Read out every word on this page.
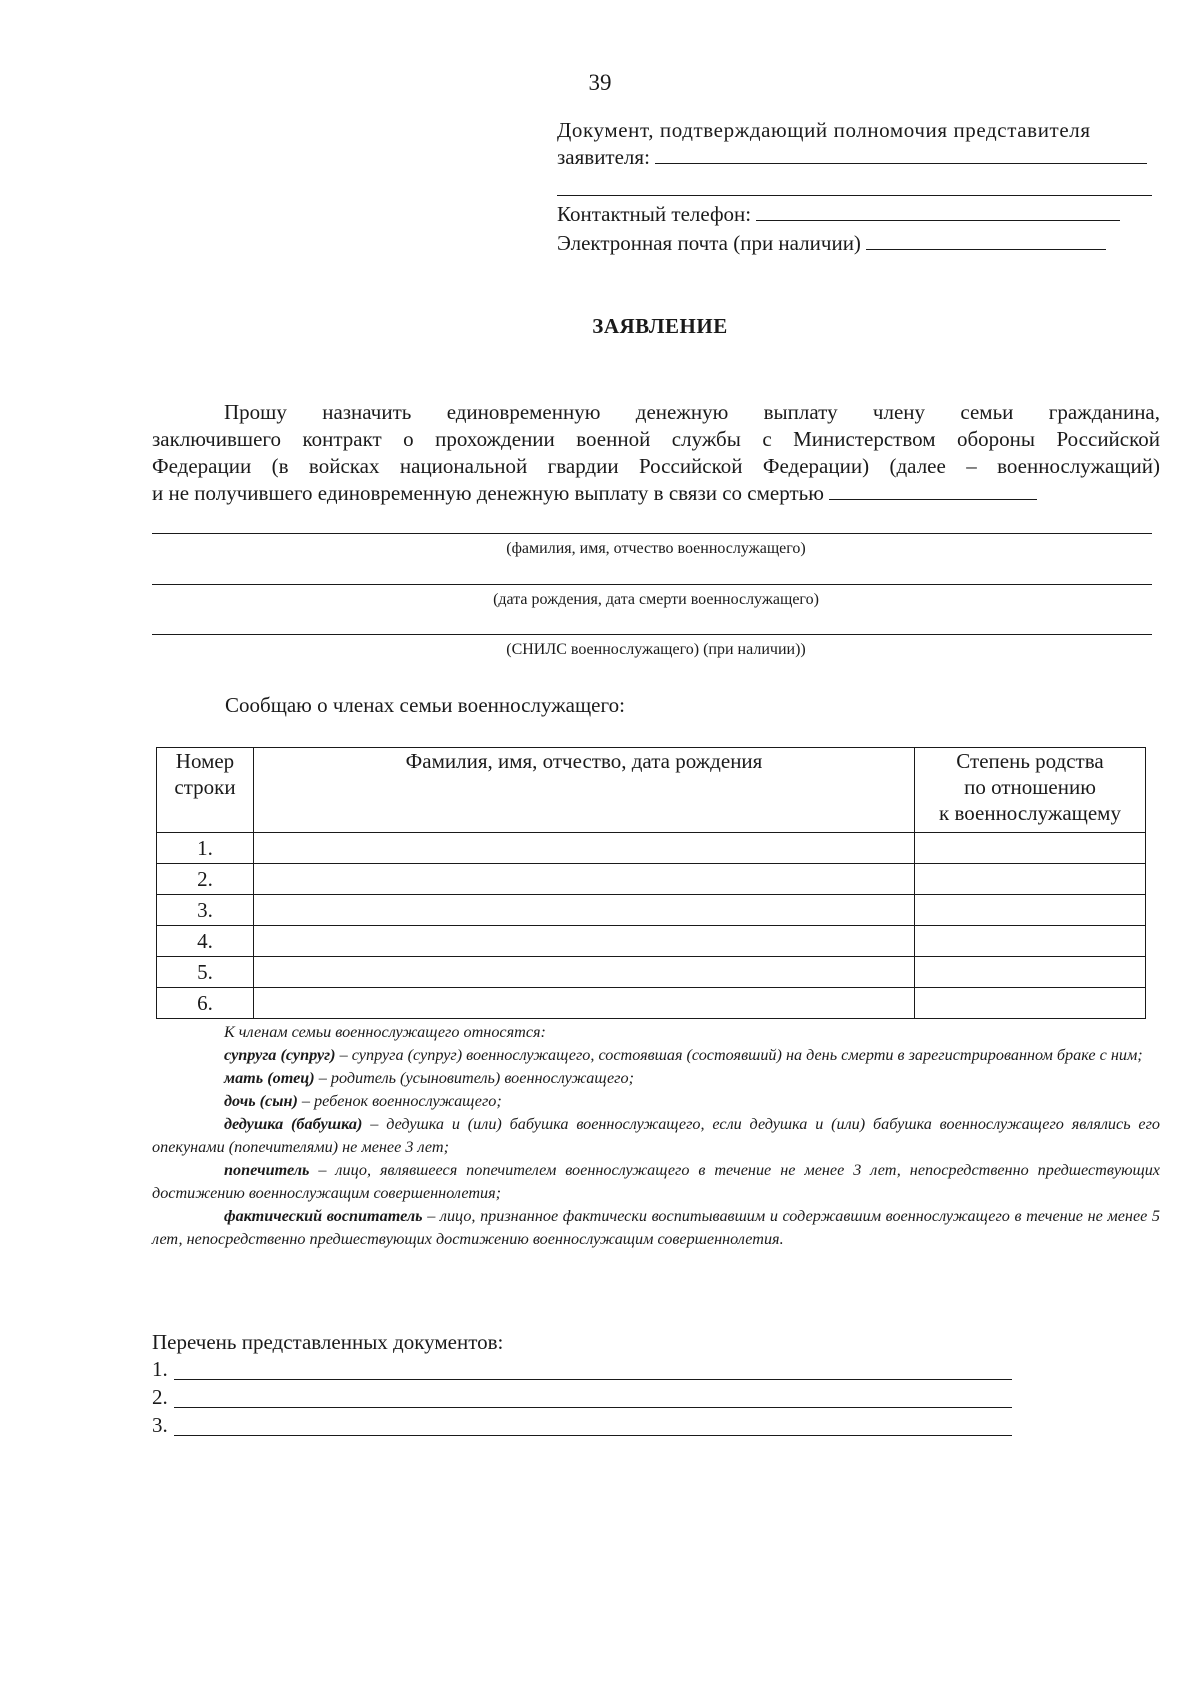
39
Документ, подтверждающий полномочия представителя
заявителя:
Контактный телефон:
Электронная почта (при наличии)
ЗАЯВЛЕНИЕ
Прошу назначить единовременную денежную выплату члену семьи гражданина,
заключившего контракт о прохождении военной службы с Министерством обороны Российской
Федерации (в войсках национальной гвардии Российской Федерации) (далее – военнослужащий)
и не получившего единовременную денежную выплату в связи со смертью
(фамилия, имя, отчество военнослужащего)
(дата рождения, дата смерти военнослужащего)
(СНИЛС военнослужащего) (при наличии))
Сообщаю о членах семьи военнослужащего:
Номер строки	Фамилия, имя, отчество, дата рождения	Степень родства
по отношению
к военнослужащему

1.		
2.		
3.		
4.		
5.		
6.		

К членам семьи военнослужащего относятся:

супруга (супруг) – супруга (супруг) военнослужащего, состоявшая (состоявший) на день смерти в зарегистрированном браке с ним;

мать (отец) – родитель (усыновитель) военнослужащего;

дочь (сын) – ребенок военнослужащего;

дедушка (бабушка) – дедушка и (или) бабушка военнослужащего, если дедушка и (или) бабушка военнослужащего являлись его опекунами (попечителями) не менее 3 лет;

попечитель – лицо, являвшееся попечителем военнослужащего в течение не менее 3 лет, непосредственно предшествующих достижению военнослужащим совершеннолетия;

фактический воспитатель – лицо, признанное фактически воспитывавшим и содержавшим военнослужащего в течение не менее 5 лет, непосредственно предшествующих достижению военнослужащим совершеннолетия.

Перечень представленных документов:
1.
2.
3.
